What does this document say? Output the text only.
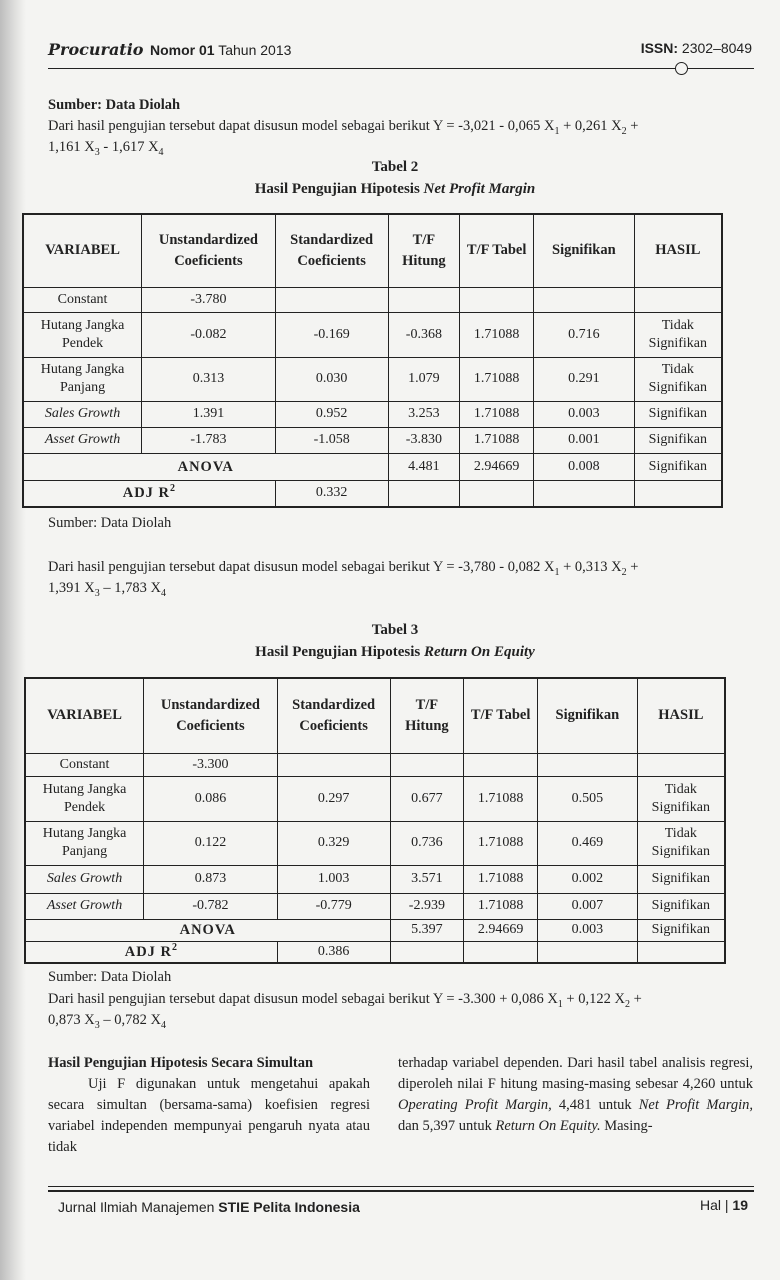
Procuratio Nomor 01 Tahun 2013	ISSN: 2302–8049
Sumber: Data Diolah
Dari hasil pengujian tersebut dapat disusun model sebagai berikut Y = -3,021 - 0,065 $X_1 + 0,261$ $X_2$ +
1,161 $X_3 - 1,617$ $X_4$
Tabel 2
Hasil Pengujian Hipotesis Net Profit Margin
VARIABEL	Unstandardized Coeficients	Standardized Coeficients	T/F Hitung	T/F Tabel	Signifikan	HASIL
Constant	-3.780					
Hutang Jangka Pendek	-0.082	-0.169	-0.368	1.71088	0.716	Tidak Signifikan
Hutang Jangka Panjang	0.313	0.030	1.079	1.71088	0.291	Tidak Signifikan
Sales Growth	1.391	0.952	3.253	1.71088	0.003	Signifikan
Asset Growth	-1.783	-1.058	-3.830	1.71088	0.001	Signifikan
ANOVA			4.481	2.94669	0.008	Signifikan
ADJ $R^2$		0.332				
Sumber: Data Diolah
Dari hasil pengujian tersebut dapat disusun model sebagai berikut Y = -3,780 - 0,082 $X_1 + 0,313$ $X_2$ +
1,391 $X_3 - 1,783$ $X_4$
Tabel 3
Hasil Pengujian Hipotesis Return On Equity
VARIABEL	Unstandardized Coeficients	Standardized Coeficients	T/F Hitung	T/F Tabel	Signifikan	HASIL
Constant	-3.300					
Hutang Jangka Pendek	0.086	0.297	0.677	1.71088	0.505	Tidak Signifikan
Hutang Jangka Panjang	0.122	0.329	0.736	1.71088	0.469	Tidak Signifikan
Sales Growth	0.873	1.003	3.571	1.71088	0.002	Signifikan
Asset Growth	-0.782	-0.779	-2.939	1.71088	0.007	Signifikan
ANOVA			5.397	2.94669	0.003	Signifikan
ADJ $R^2$		0.386				
Sumber: Data Diolah
Dari hasil pengujian tersebut dapat disusun model sebagai berikut Y = -3.300 + 0,086 $X_1 + 0,122$ $X_2$ +
0,873 $X_3 - 0,782$ $X_4$
Hasil Pengujian Hipotesis Secara Simultan
Uji F digunakan untuk mengetahui apakah secara simultan (bersama-sama) koefisien regresi variabel independen mempunyai pengaruh nyata atau tidak
terhadap variabel dependen. Dari hasil tabel analisis regresi, diperoleh nilai F hitung masing-masing sebesar 4,260 untuk Operating Profit Margin, 4,481 untuk Net Profit Margin, dan 5,397 untuk Return On Equity. Masing-
Jurnal Ilmiah Manajemen STIE Pelita Indonesia	Hal | 19
